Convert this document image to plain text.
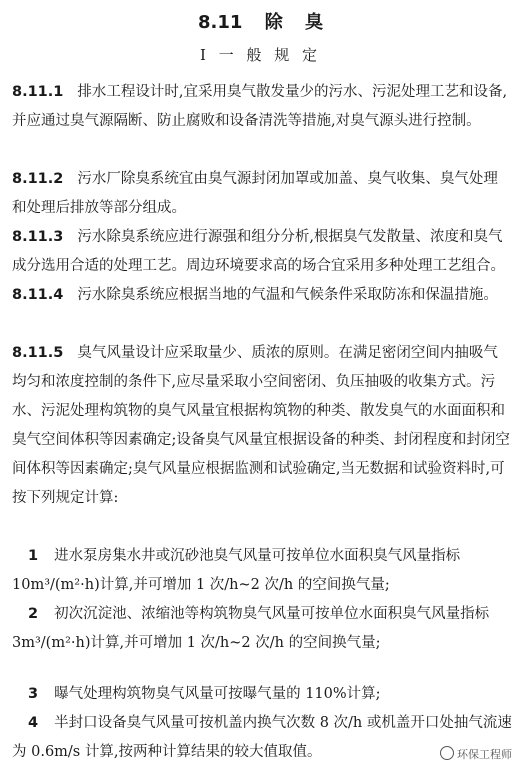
8.11 除 臭
Ⅰ 一 般 规 定
8.11.1 排水工程设计时,宜采用臭气散发量少的污水、污泥处理工艺和设备,并应通过臭气源隔断、防止腐败和设备清洗等措施,对臭气源头进行控制。
8.11.2 污水厂除臭系统宜由臭气源封闭加罩或加盖、臭气收集、臭气处理和处理后排放等部分组成。
8.11.3 污水除臭系统应进行源强和组分分析,根据臭气发散量、浓度和臭气成分选用合适的处理工艺。周边环境要求高的场合宜采用多种处理工艺组合。
8.11.4 污水除臭系统应根据当地的气温和气候条件采取防冻和保温措施。
8.11.5 臭气风量设计应采取量少、质浓的原则。在满足密闭空间内抽吸气均匀和浓度控制的条件下,应尽量采取小空间密闭、负压抽吸的收集方式。污水、污泥处理构筑物的臭气风量宜根据构筑物的种类、散发臭气的水面面积和臭气空间体积等因素确定;设备臭气风量宜根据设备的种类、封闭程度和封闭空间体积等因素确定;臭气风量应根据监测和试验确定,当无数据和试验资料时,可按下列规定计算:
1 进水泵房集水井或沉砂池臭气风量可按单位水面积臭气风量指标 10m³/(m²·h)计算,并可增加 1 次/h~2 次/h 的空间换气量;
2 初次沉淀池、浓缩池等构筑物臭气风量可按单位水面积臭气风量指标 3m³/(m²·h)计算,并可增加 1 次/h~2 次/h 的空间换气量;
3 曝气处理构筑物臭气风量可按曝气量的 110%计算;
4 半封口设备臭气风量可按机盖内换气次数 8 次/h 或机盖开口处抽气流速为 0.6m/s 计算,按两种计算结果的较大值取值。	环保工程师
